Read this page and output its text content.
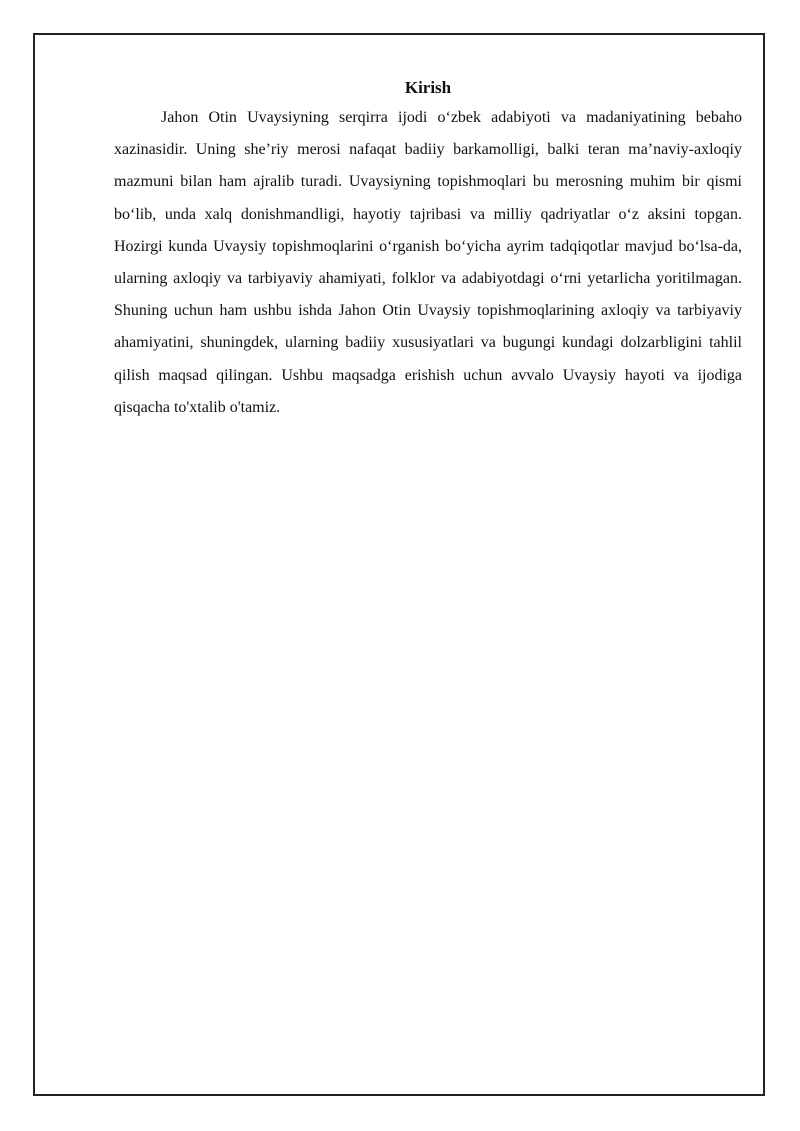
Kirish

Jahon Otin Uvaysiyning serqirra ijodi o‘zbek adabiyoti va madaniyatining bebaho xazinasidir. Uning she’riy merosi nafaqat badiiy barkamolligi, balki teran ma’naviy-axloqiy mazmuni bilan ham ajralib turadi. Uvaysiyning topishmoqlari bu merosning muhim bir qismi bo‘lib, unda xalq donishmandligi, hayotiy tajribasi va milliy qadriyatlar o‘z aksini topgan. Hozirgi kunda Uvaysiy topishmoqlarini o‘rganish bo‘yicha ayrim tadqiqotlar mavjud bo‘lsa-da, ularning axloqiy va tarbiyaviy ahamiyati, folklor va adabiyotdagi o‘rni yetarlicha yoritilmagan. Shuning uchun ham ushbu ishda Jahon Otin Uvaysiy topishmoqlarining axloqiy va tarbiyaviy ahamiyatini, shuningdek, ularning badiiy xususiyatlari va bugungi kundagi dolzarbligini tahlil qilish maqsad qilingan. Ushbu maqsadga erishish uchun avvalo Uvaysiy hayoti va ijodiga qisqacha to'xtalib o'tamiz.
